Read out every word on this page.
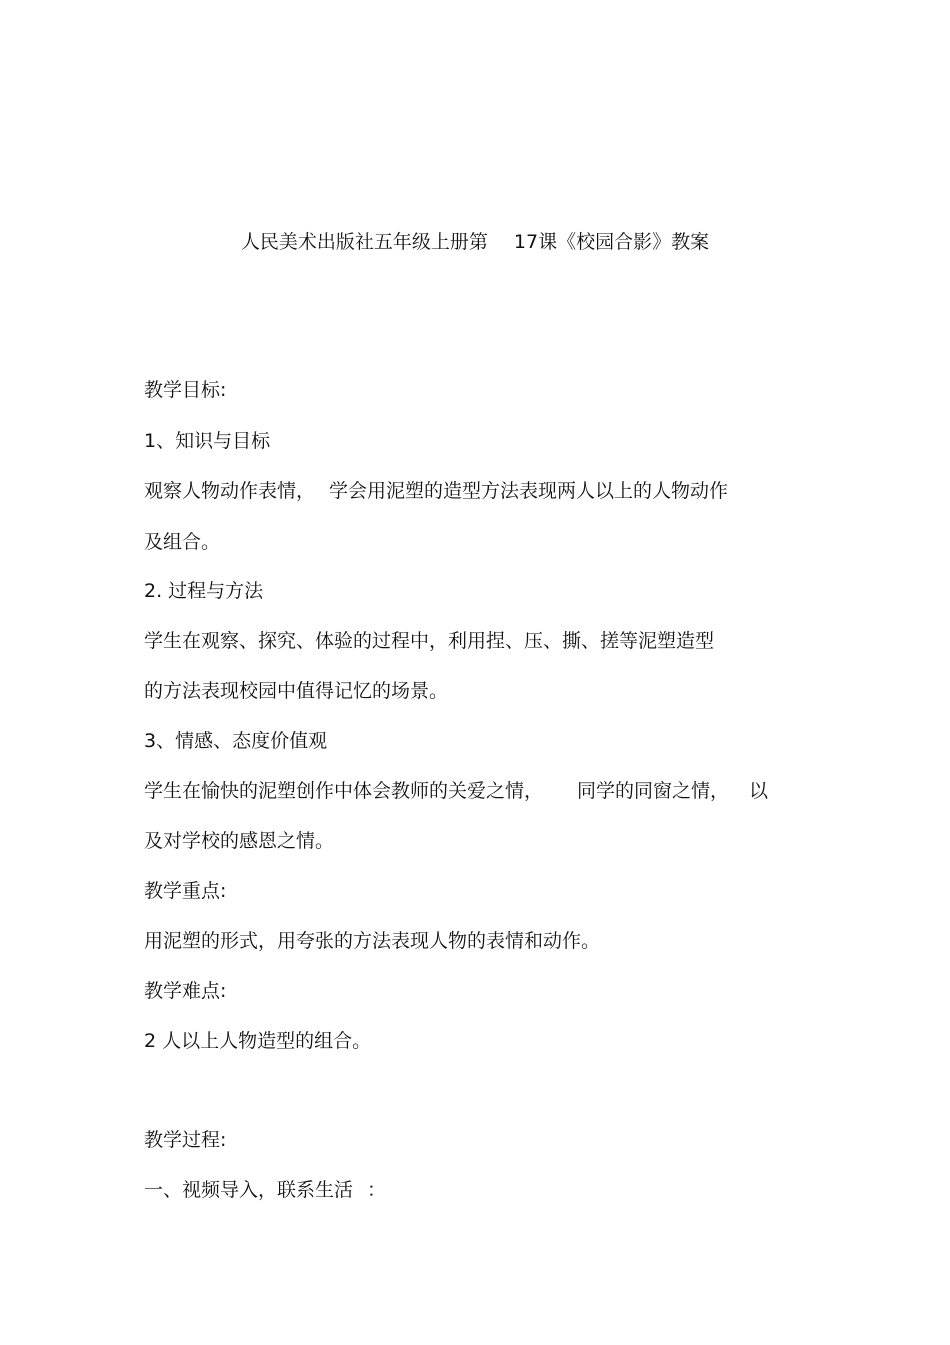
人民美术出版社五年级上册第 17课《校园合影》教案
教学目标:
1、知识与目标
观察人物动作表情， 学会用泥塑的造型方法表现两人以上的人物动作
及组合。
2. 过程与方法
学生在观察、探究、体验的过程中，利用捏、压、撕、搓等泥塑造型
的方法表现校园中值得记忆的场景。
3、情感、态度价值观
学生在愉快的泥塑创作中体会教师的关爱之情， 同学的同窗之情， 以
及对学校的感恩之情。
教学重点:
用泥塑的形式，用夸张的方法表现人物的表情和动作。
教学难点:
2 人以上人物造型的组合。
教学过程:
一、视频导入，联系生活 ：
